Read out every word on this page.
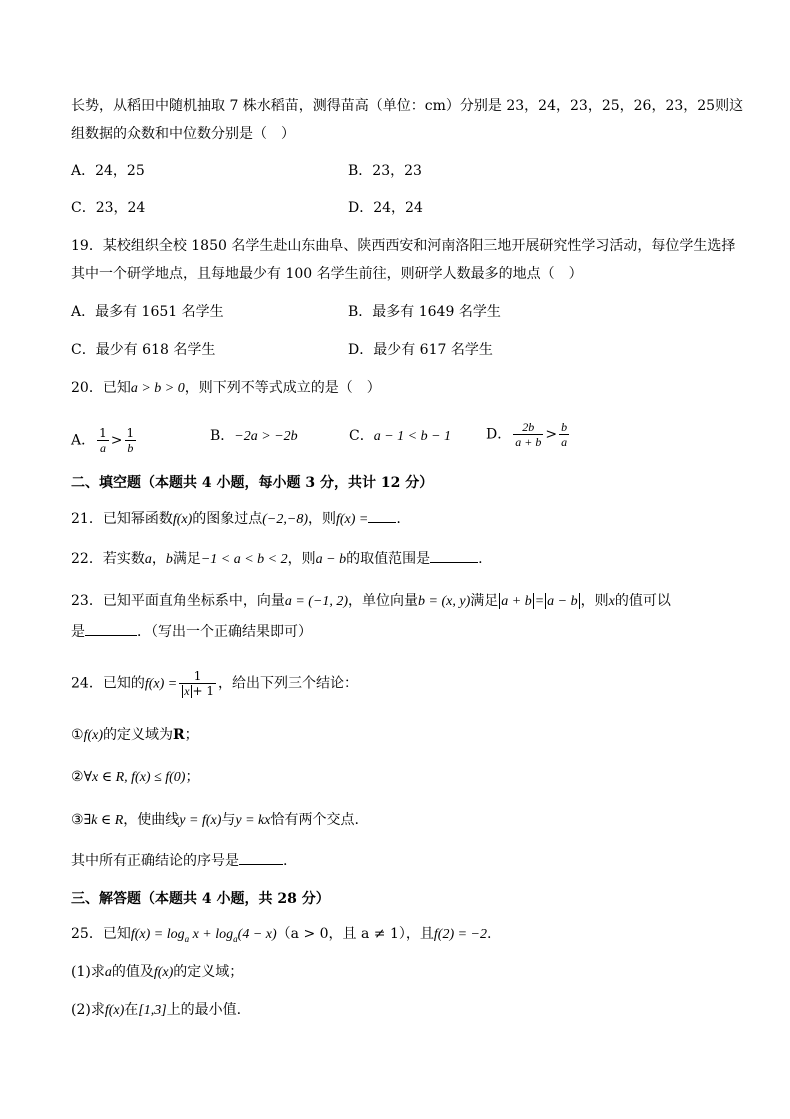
长势，从稻田中随机抽取 7 株水稻苗，测得苗高（单位：cm）分别是 23，24，23，25，26，23，25则这
组数据的众数和中位数分别是（　）
A．24，25	B．23，23
C．23，24	D．24，24
19．某校组织全校 1850 名学生赴山东曲阜、陕西西安和河南洛阳三地开展研究性学习活动，每位学生选择
其中一个研学地点，且每地最少有 100 名学生前往，则研学人数最多的地点（　）
A．最多有 1651 名学生	B．最多有 1649 名学生
C．最少有 618 名学生	D．最少有 617 名学生
20．已知a > b > 0，则下列不等式成立的是（　）
A． $\frac{1}{a} > \frac{1}{b}$	B．−2a > −2b	C．a − 1 < b − 1 D． $\frac{2b}{a + b} > \frac{b}{a}$
二、填空题（本题共 4 小题，每小题 3 分，共计 12 分）
21．已知幂函数f(x)的图象过点(−2,−8)，则f(x) = .
22．若实数a，b满足−1 < a < b < 2，则a − b的取值范围是	.
23．已知平面直角坐标系中，向量a = (−1, 2)，单位向量b = (x, y)满足 a + b = a − b ，则x的值可以
是	．（写出一个正确结果即可）
24．已知的$f(x) = \frac{1}{x + 1}$ ，给出下列三个结论：
①f(x)的定义域为R；
②∀x ∈ R, f(x) ≤ f(0)；
③∃k ∈ R，使曲线y = f(x)与y = kx恰有两个交点.
其中所有正确结论的序号是	.
三、解答题（本题共 4 小题，共 28 分）
25．已知$f(x) = \log_a x + \log_a(4 - x)(a > 0$，且 a ≠ 1），且f(2) = −2.
(1)求a的值及f(x)的定义域；
(2)求f(x)在[1,3]上的最小值.
